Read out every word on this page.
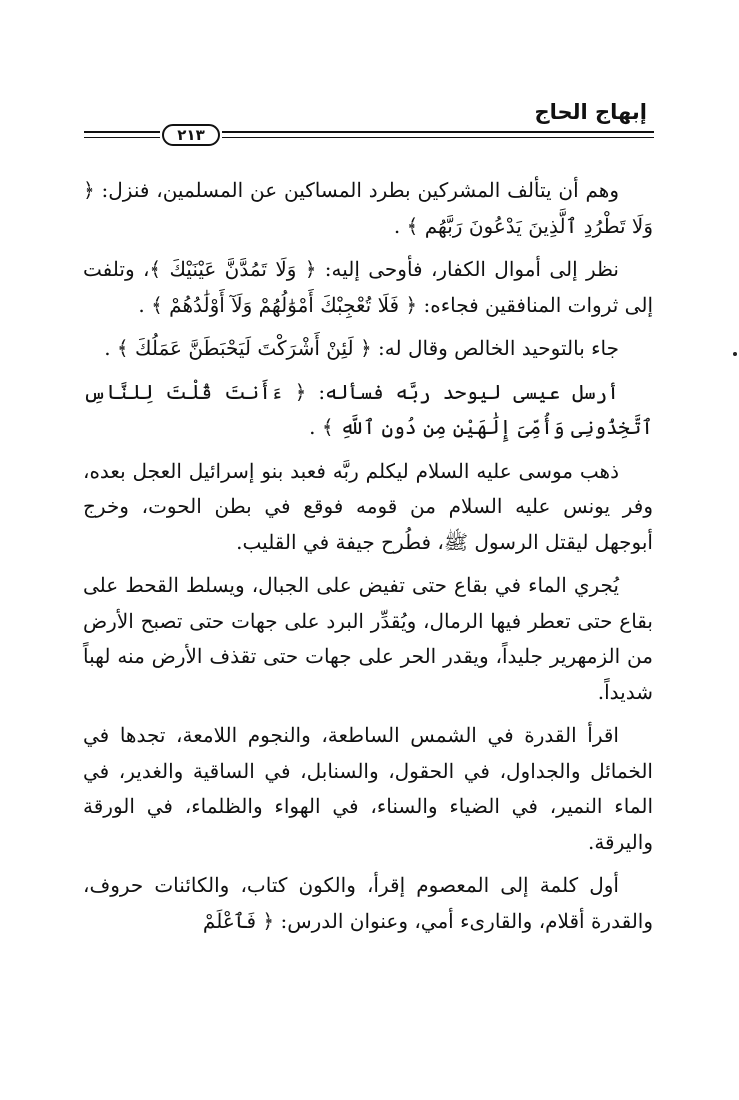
إبهاج الحاج
٢١٣

وهم أن يتألف المشركين بطرد المساكين عن المسلمين، فنزل: ﴿ وَلَا تَطْرُدِ ٱلَّذِينَ يَدْعُونَ رَبَّهُم ﴾ .

نظر إلى أموال الكفار، فأوحى إليه: ﴿ وَلَا تَمُدَّنَّ عَيْنَيْكَ ﴾، وتلفت إلى ثروات المنافقين فجاءه: ﴿ فَلَا تُعْجِبْكَ أَمْوَٰلُهُمْ وَلَآ أَوْلَٰدُهُمْ ﴾ .

جاء بالتوحيد الخالص وقال له: ﴿ لَئِنْ أَشْرَكْتَ لَيَحْبَطَنَّ عَمَلُكَ ﴾ .

أرسل عيسى ليوحد ربَّه فسأله: ﴿ ءَأَنتَ قُلْتَ لِلنَّاسِ ٱتَّخِذُونِى وَأُمِّىَ إِلَٰهَيْنِ مِن دُونِ ٱللَّهِ ﴾ .

ذهب موسى عليه السلام ليكلم ربَّه فعبد بنو إسرائيل العجل بعده، وفر يونس عليه السلام من قومه فوقع في بطن الحوت، وخرج أبوجهل ليقتل الرسول ﷺ، فطُرح جيفة في القليب.

يُجري الماء في بقاع حتى تفيض على الجبال، ويسلط القحط على بقاع حتى تعطر فيها الرمال، ويُقدِّر البرد على جهات حتى تصبح الأرض من الزمهرير جليداً، ويقدر الحر على جهات حتى تقذف الأرض منه لهباً شديداً.

اقرأ القدرة في الشمس الساطعة، والنجوم اللامعة، تجدها في الخمائل والجداول، في الحقول، والسنابل، في الساقية والغدير، في الماء النمير، في الضياء والسناء، في الهواء والظلماء، في الورقة واليرقة.

أول كلمة إلى المعصوم إقرأ، والكون كتاب، والكائنات حروف، والقدرة أقلام، والقارىء أمي، وعنوان الدرس: ﴿ فَٱعْلَمْ
